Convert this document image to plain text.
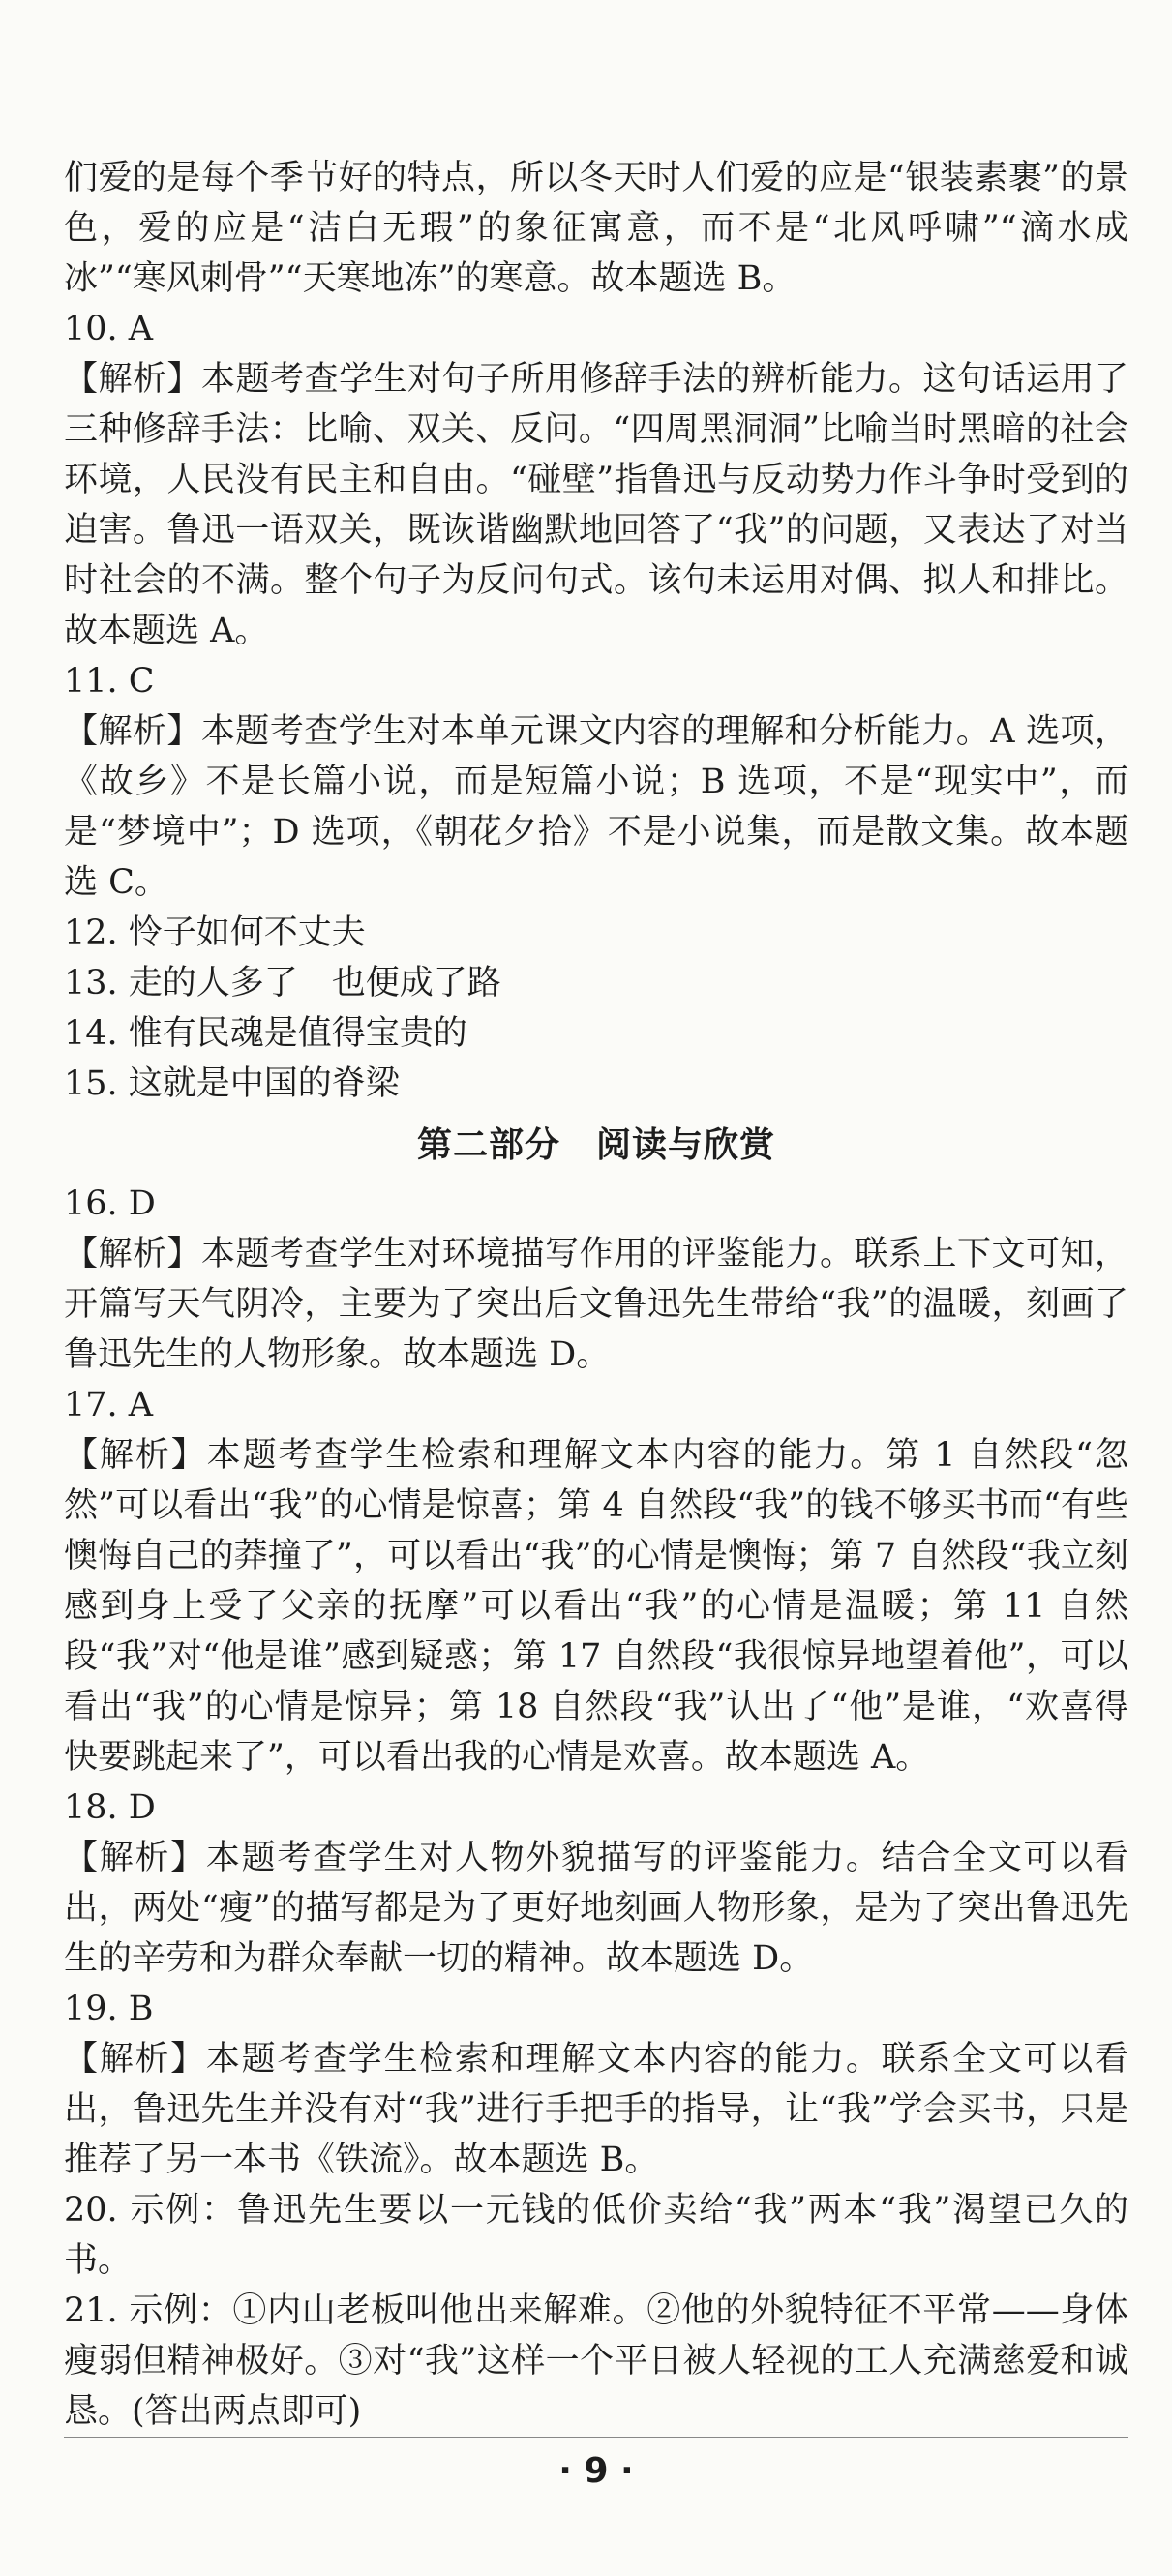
们爱的是每个季节好的特点，所以冬天时人们爱的应是“银装素裹”的景色，爱的应是“洁白无瑕”的象征寓意，而不是“北风呼啸”“滴水成冰”“寒风刺骨”“天寒地冻”的寒意。故本题选 B。

10. A

【解析】本题考查学生对句子所用修辞手法的辨析能力。这句话运用了三种修辞手法：比喻、双关、反问。“四周黑洞洞”比喻当时黑暗的社会环境，人民没有民主和自由。“碰壁”指鲁迅与反动势力作斗争时受到的迫害。鲁迅一语双关，既诙谐幽默地回答了“我”的问题，又表达了对当时社会的不满。整个句子为反问句式。该句未运用对偶、拟人和排比。故本题选 A。

11. C

【解析】本题考查学生对本单元课文内容的理解和分析能力。A 选项，《故乡》不是长篇小说，而是短篇小说；B 选项，不是“现实中”，而是“梦境中”；D 选项，《朝花夕拾》不是小说集，而是散文集。故本题选 C。

12. 怜子如何不丈夫

13. 走的人多了　也便成了路

14. 惟有民魂是值得宝贵的

15. 这就是中国的脊梁

第二部分　阅读与欣赏

16. D

【解析】本题考查学生对环境描写作用的评鉴能力。联系上下文可知，开篇写天气阴冷，主要为了突出后文鲁迅先生带给“我”的温暖，刻画了鲁迅先生的人物形象。故本题选 D。

17. A

【解析】本题考查学生检索和理解文本内容的能力。第 1 自然段“忽然”可以看出“我”的心情是惊喜；第 4 自然段“我”的钱不够买书而“有些懊悔自己的莽撞了”，可以看出“我”的心情是懊悔；第 7 自然段“我立刻感到身上受了父亲的抚摩”可以看出“我”的心情是温暖；第 11 自然段“我”对“他是谁”感到疑惑；第 17 自然段“我很惊异地望着他”，可以看出“我”的心情是惊异；第 18 自然段“我”认出了“他”是谁，“欢喜得快要跳起来了”，可以看出我的心情是欢喜。故本题选 A。

18. D

【解析】本题考查学生对人物外貌描写的评鉴能力。结合全文可以看出，两处“瘦”的描写都是为了更好地刻画人物形象，是为了突出鲁迅先生的辛劳和为群众奉献一切的精神。故本题选 D。

19. B

【解析】本题考查学生检索和理解文本内容的能力。联系全文可以看出，鲁迅先生并没有对“我”进行手把手的指导，让“我”学会买书，只是推荐了另一本书《铁流》。故本题选 B。

20. 示例：鲁迅先生要以一元钱的低价卖给“我”两本“我”渴望已久的书。

21. 示例：①内山老板叫他出来解难。②他的外貌特征不平常——身体瘦弱但精神极好。③对“我”这样一个平日被人轻视的工人充满慈爱和诚恳。(答出两点即可)

· 9 ·
